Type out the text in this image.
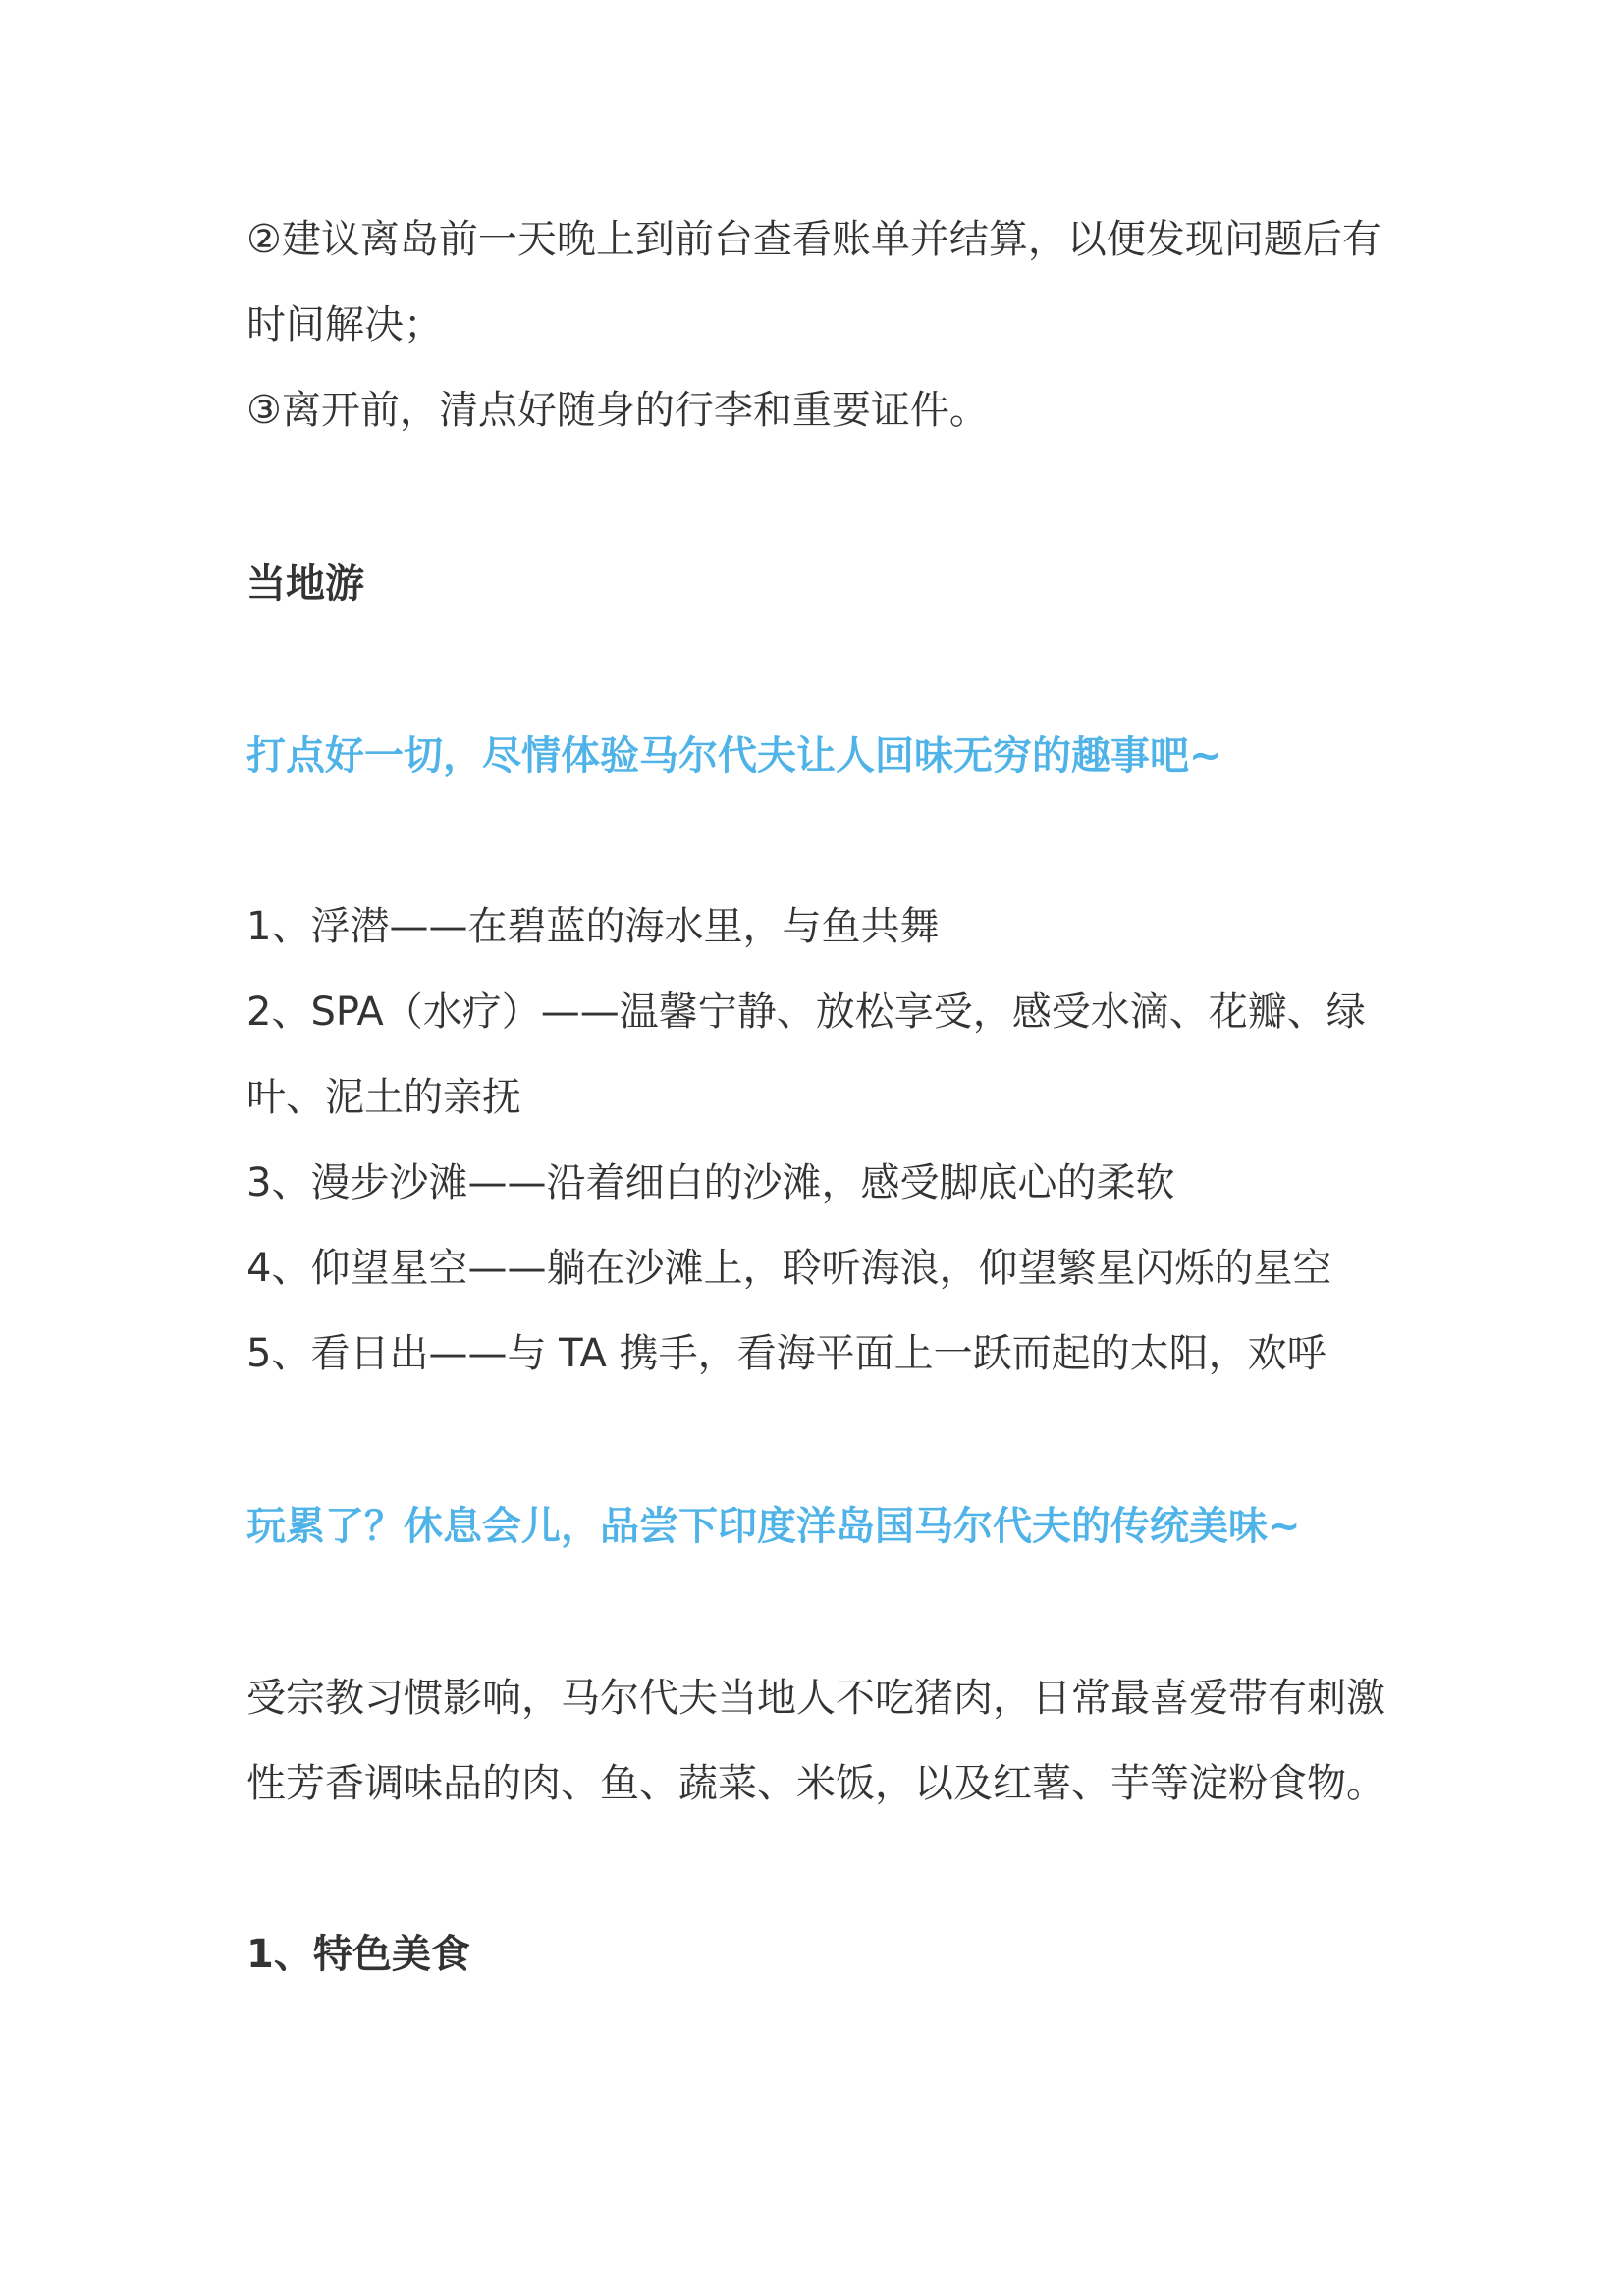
②建议离岛前一天晚上到前台查看账单并结算，以便发现问题后有
时间解决；
③离开前，清点好随身的行李和重要证件。
当地游
打点好一切，尽情体验马尔代夫让人回味无穷的趣事吧~
1、浮潜——在碧蓝的海水里，与鱼共舞
2、SPA（水疗）——温馨宁静、放松享受，感受水滴、花瓣、绿
叶、泥土的亲抚
3、漫步沙滩——沿着细白的沙滩，感受脚底心的柔软
4、仰望星空——躺在沙滩上，聆听海浪，仰望繁星闪烁的星空
5、看日出——与 TA 携手，看海平面上一跃而起的太阳，欢呼
玩累了？休息会儿，品尝下印度洋岛国马尔代夫的传统美味~
受宗教习惯影响，马尔代夫当地人不吃猪肉，日常最喜爱带有刺激
性芳香调味品的肉、鱼、蔬菜、米饭，以及红薯、芋等淀粉食物。
1、特色美食
